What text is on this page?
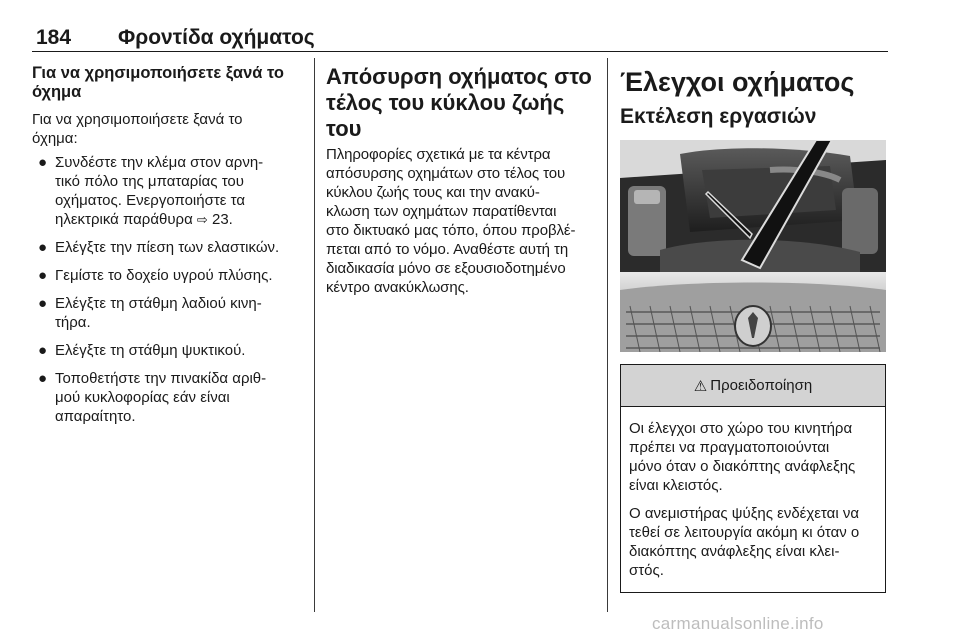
184 Φροντίδα οχήματος
Για να χρησιμοποιήσετε ξανά το
όχημα
Για να χρησιμοποιήσετε ξανά το
όχημα:
● Συνδέστε την κλέμα στον αρνη-
τικό πόλο της μπαταρίας του
οχήματος. Ενεργοποιήστε τα
ηλεκτρικά παράθυρα ⇨ 23.
● Ελέγξτε την πίεση των ελαστικών.
● Γεμίστε το δοχείο υγρού πλύσης.
● Ελέγξτε τη στάθμη λαδιού κινη-
τήρα.
● Ελέγξτε τη στάθμη ψυκτικού.
● Τοποθετήστε την πινακίδα αριθ-
μού κυκλοφορίας εάν είναι
απαραίτητο.
Απόσυρση οχήματος στο
τέλος του κύκλου ζωής του
Πληροφορίες σχετικά με τα κέντρα
απόσυρσης οχημάτων στο τέλος του
κύκλου ζωής τους και την ανακύ-
κλωση των οχημάτων παρατίθενται
στο δικτυακό μας τόπο, όπου προβλέ-
πεται από το νόμο. Αναθέστε αυτή τη
διαδικασία μόνο σε εξουσιοδοτημένο
κέντρο ανακύκλωσης.
Έλεγχοι οχήματος
Εκτέλεση εργασιών
⚠ Προειδοποίηση

Οι έλεγχοι στο χώρο του κινητήρα
πρέπει να πραγματοποιούνται
μόνο όταν ο διακόπτης ανάφλεξης
είναι κλειστός.

Ο ανεμιστήρας ψύξης ενδέχεται να
τεθεί σε λειτουργία ακόμη κι όταν ο
διακόπτης ανάφλεξης είναι κλει-
στός.

carmanualsonline.info
